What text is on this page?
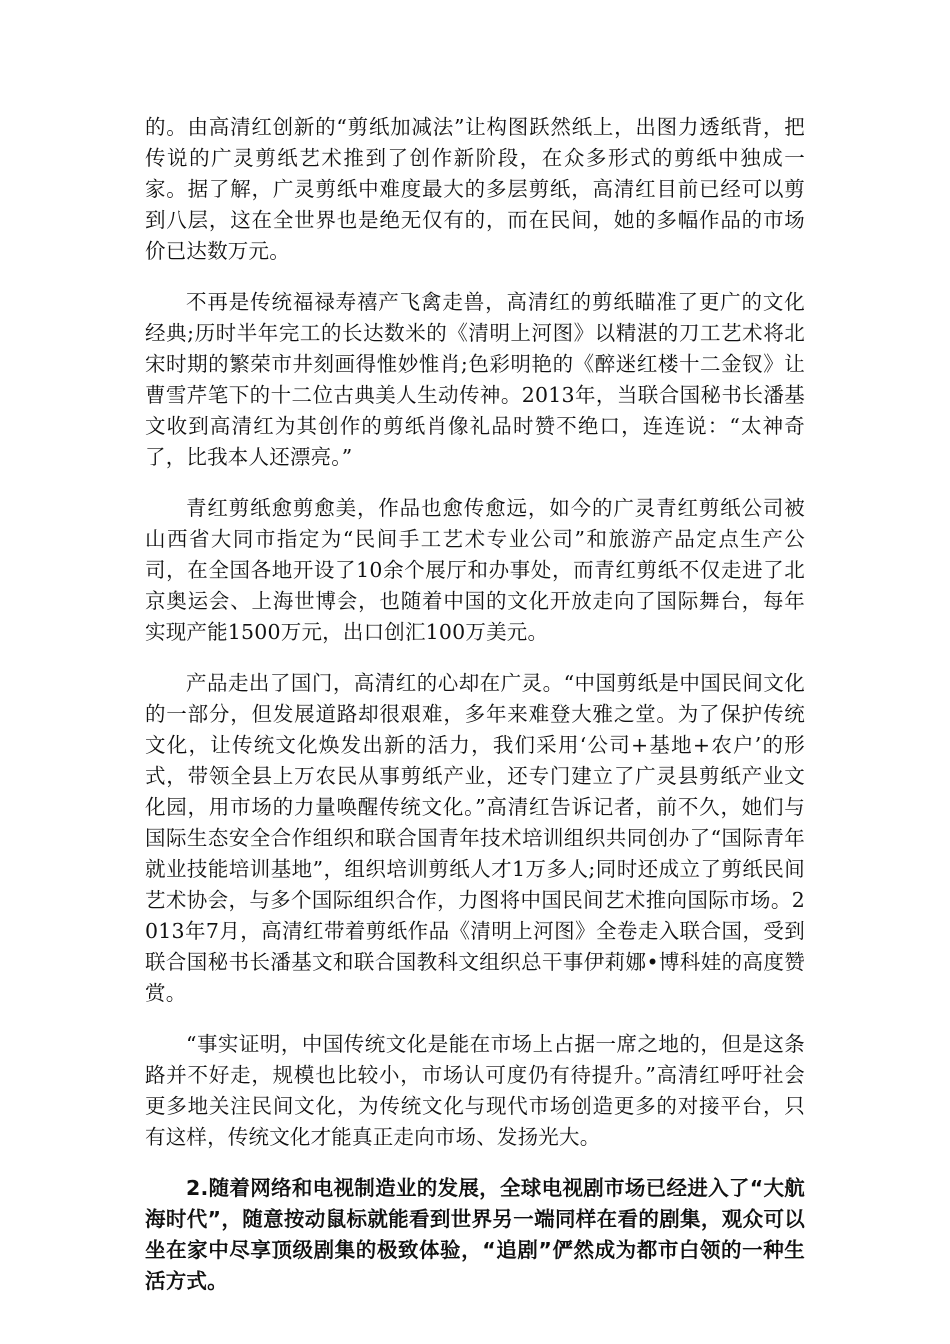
的。由高清红创新的“剪纸加减法”让构图跃然纸上，出图力透纸背，把传说的广灵剪纸艺术推到了创作新阶段，在众多形式的剪纸中独成一家。据了解，广灵剪纸中难度最大的多层剪纸，高清红目前已经可以剪到八层，这在全世界也是绝无仅有的，而在民间，她的多幅作品的市场价已达数万元。

不再是传统福禄寿禧产飞禽走兽，高清红的剪纸瞄准了更广的文化经典;历时半年完工的长达数米的《清明上河图》以精湛的刀工艺术将北宋时期的繁荣市井刻画得惟妙惟肖;色彩明艳的《醉迷红楼十二金钗》让曹雪芹笔下的十二位古典美人生动传神。2013年，当联合国秘书长潘基文收到高清红为其创作的剪纸肖像礼品时赞不绝口，连连说：“太神奇了，比我本人还漂亮。”

青红剪纸愈剪愈美，作品也愈传愈远，如今的广灵青红剪纸公司被山西省大同市指定为“民间手工艺术专业公司”和旅游产品定点生产公司，在全国各地开设了10余个展厅和办事处，而青红剪纸不仅走进了北京奥运会、上海世博会，也随着中国的文化开放走向了国际舞台，每年实现产能1500万元，出口创汇100万美元。

产品走出了国门，高清红的心却在广灵。“中国剪纸是中国民间文化的一部分，但发展道路却很艰难，多年来难登大雅之堂。为了保护传统文化，让传统文化焕发出新的活力，我们采用‘公司+基地+农户’的形式，带领全县上万农民从事剪纸产业，还专门建立了广灵县剪纸产业文化园，用市场的力量唤醒传统文化。”高清红告诉记者，前不久，她们与国际生态安全合作组织和联合国青年技术培训组织共同创办了“国际青年就业技能培训基地”，组织培训剪纸人才1万多人;同时还成立了剪纸民间艺术协会，与多个国际组织合作，力图将中国民间艺术推向国际市场。2013年7月，高清红带着剪纸作品《清明上河图》全卷走入联合国，受到联合国秘书长潘基文和联合国教科文组织总干事伊莉娜•博科娃的高度赞赏。

“事实证明，中国传统文化是能在市场上占据一席之地的，但是这条路并不好走，规模也比较小，市场认可度仍有待提升。”高清红呼吁社会更多地关注民间文化，为传统文化与现代市场创造更多的对接平台，只有这样，传统文化才能真正走向市场、发扬光大。

2.随着网络和电视制造业的发展，全球电视剧市场已经进入了“大航海时代”，随意按动鼠标就能看到世界另一端同样在看的剧集，观众可以坐在家中尽享顶级剧集的极致体验，“追剧”俨然成为都市白领的一种生活方式。
